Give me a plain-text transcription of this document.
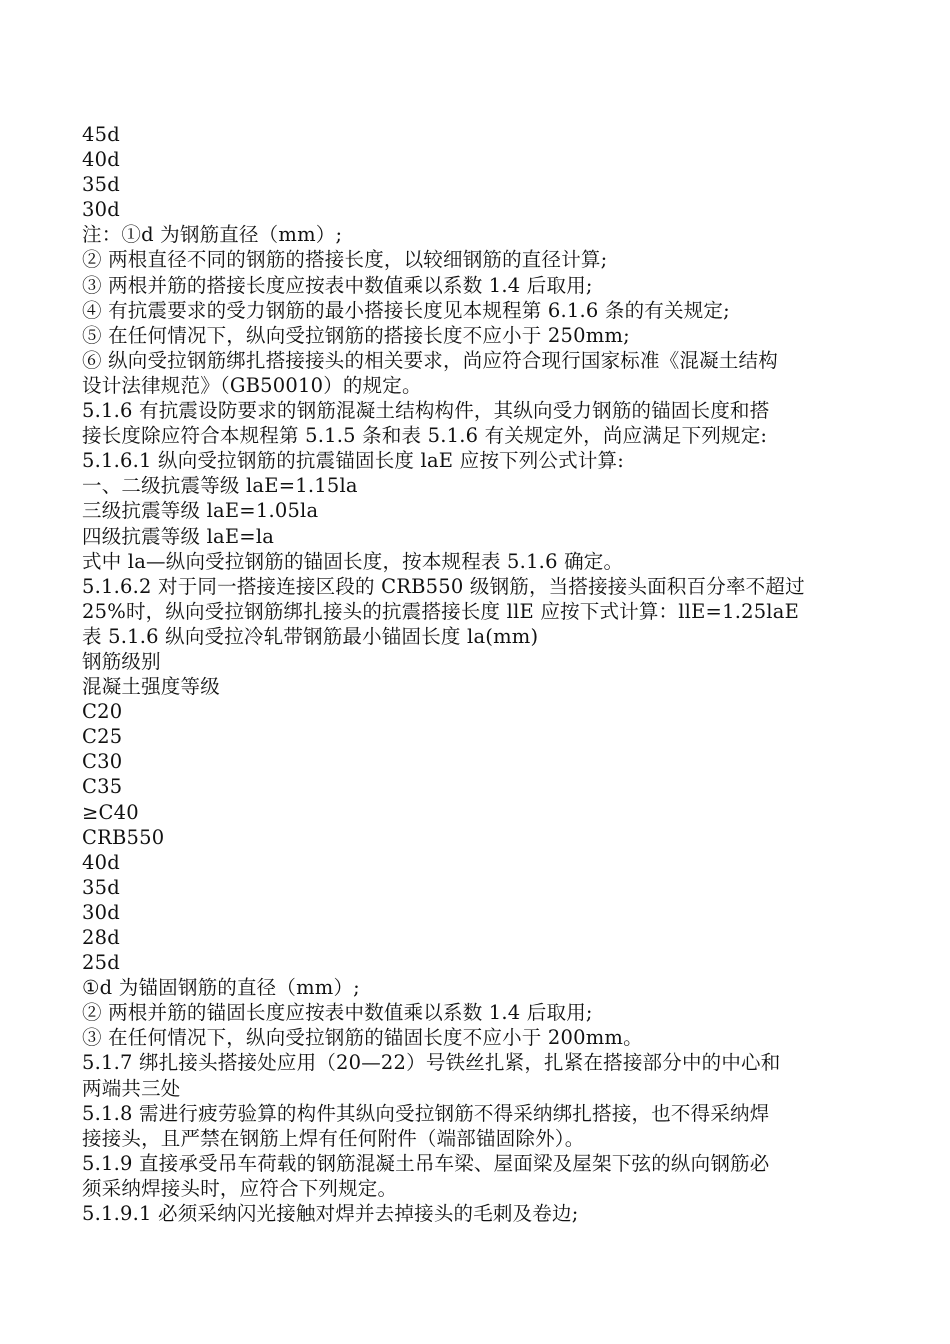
45d
40d
35d
30d
注：①d 为钢筋直径（mm）;
② 两根直径不同的钢筋的搭接长度，以较细钢筋的直径计算;
③ 两根并筋的搭接长度应按表中数值乘以系数 1.4 后取用;
④ 有抗震要求的受力钢筋的最小搭接长度见本规程第 6.1.6 条的有关规定;
⑤ 在任何情况下，纵向受拉钢筋的搭接长度不应小于 250mm;
⑥ 纵向受拉钢筋绑扎搭接接头的相关要求，尚应符合现行国家标准《混凝土结构
设计法律规范》（GB50010）的规定。
5.1.6 有抗震设防要求的钢筋混凝土结构构件，其纵向受力钢筋的锚固长度和搭
接长度除应符合本规程第 5.1.5 条和表 5.1.6 有关规定外，尚应满足下列规定:
5.1.6.1 纵向受拉钢筋的抗震锚固长度 laE 应按下列公式计算:
一、二级抗震等级 laE=1.15la
三级抗震等级 laE=1.05la
四级抗震等级 laE=la
式中 la—纵向受拉钢筋的锚固长度，按本规程表 5.1.6 确定。
5.1.6.2 对于同一搭接连接区段的 CRB550 级钢筋，当搭接接头面积百分率不超过
25%时，纵向受拉钢筋绑扎接头的抗震搭接长度 llE 应按下式计算：llE=1.25laE
表 5.1.6 纵向受拉冷轧带钢筋最小锚固长度 la(mm)
钢筋级别
混凝土强度等级
C20
C25
C30
C35
≥C40
CRB550
40d
35d
30d
28d
25d
①d 为锚固钢筋的直径（mm）;
② 两根并筋的锚固长度应按表中数值乘以系数 1.4 后取用;
③ 在任何情况下，纵向受拉钢筋的锚固长度不应小于 200mm。
5.1.7 绑扎接头搭接处应用（20—22）号铁丝扎紧，扎紧在搭接部分中的中心和
两端共三处
5.1.8 需进行疲劳验算的构件其纵向受拉钢筋不得采纳绑扎搭接，也不得采纳焊
接接头，且严禁在钢筋上焊有任何附件（端部锚固除外）。
5.1.9 直接承受吊车荷载的钢筋混凝土吊车梁、屋面梁及屋架下弦的纵向钢筋必
须采纳焊接头时，应符合下列规定。
5.1.9.1 必须采纳闪光接触对焊并去掉接头的毛刺及卷边;
